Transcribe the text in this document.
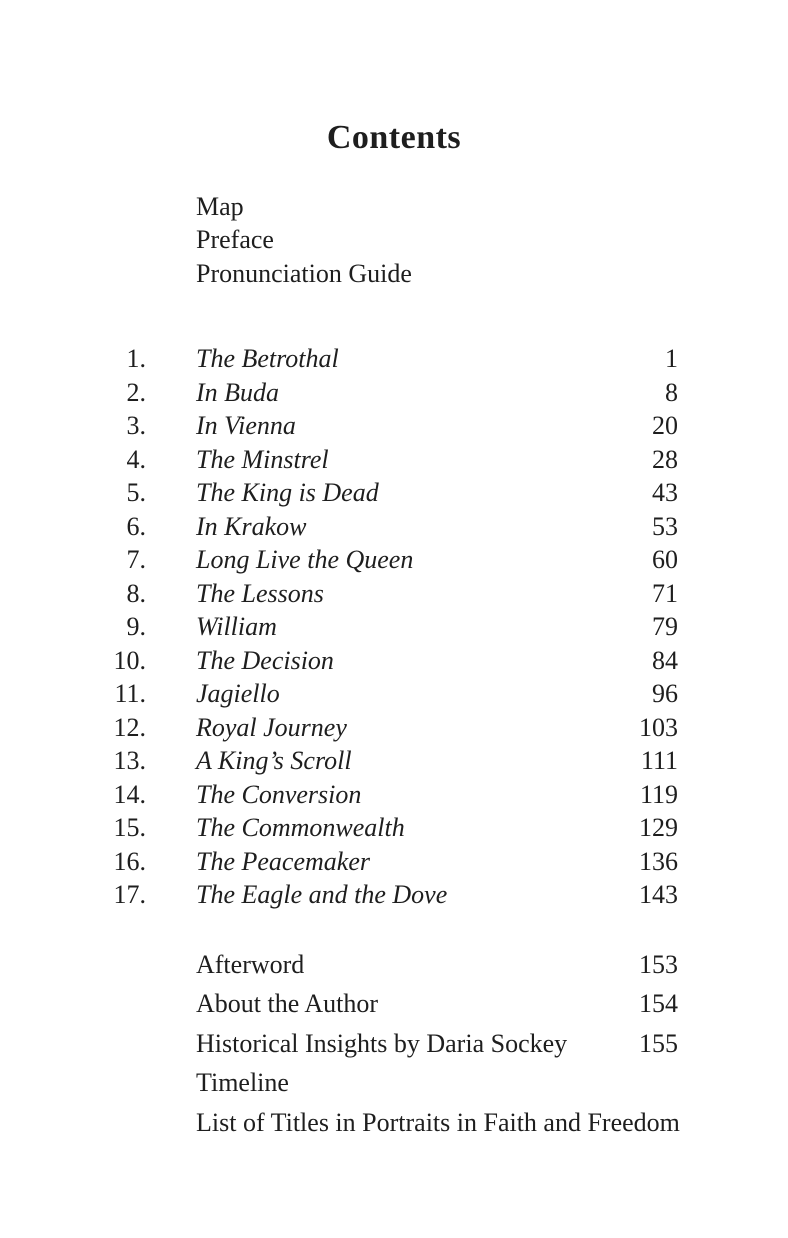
Contents
Map
Preface
Pronunciation Guide
1.	The Betrothal	1
2.	In Buda	8
3.	In Vienna	20
4.	The Minstrel	28
5.	The King is Dead	43
6.	In Krakow	53
7.	Long Live the Queen	60
8.	The Lessons	71
9.	William	79
10.	The Decision	84
11.	Jagiello	96
12.	Royal Journey	103
13.	A King’s Scroll	111
14.	The Conversion	119
15.	The Commonwealth	129
16.	The Peacemaker	136
17.	The Eagle and the Dove	143
Afterword	153
About the Author	154
Historical Insights by Daria Sockey	155
Timeline
List of Titles in Portraits in Faith and Freedom
